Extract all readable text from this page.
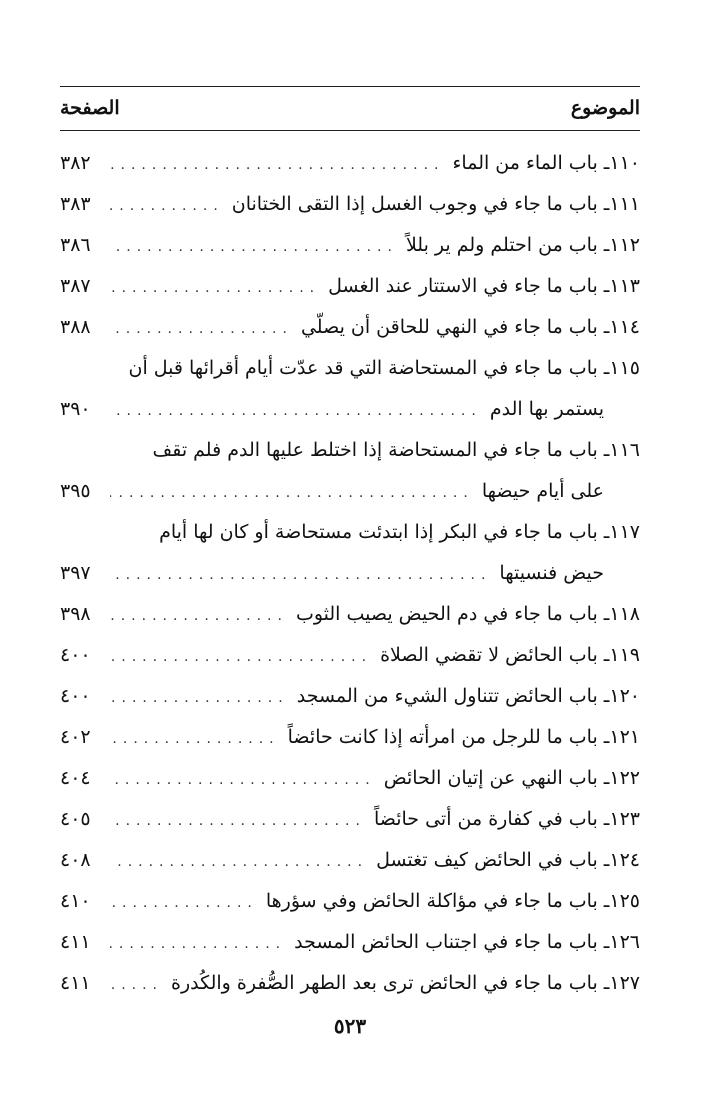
الموضوع
الصفحة
١١٠ـ باب الماء من الماء
.....
٣٨٢
١١١ـ باب ما جاء في وجوب الغسل إذا التقى الختانان
.....
٣٨٣
١١٢ـ باب من احتلم ولم ير بللاً
.....
٣٨٦
١١٣ـ باب ما جاء في الاستتار عند الغسل
.....
٣٨٧
١١٤ـ باب ما جاء في النهي للحاقن أن يصلّي
.....
٣٨٨
١١٥ـ باب ما جاء في المستحاضة التي قد عدّت أيام أقرائها قبل أن
يستمر بها الدم
.....
٣٩٠
١١٦ـ باب ما جاء في المستحاضة إذا اختلط عليها الدم فلم تقف
على أيام حيضها
.....
٣٩٥
١١٧ـ باب ما جاء في البكر إذا ابتدئت مستحاضة أو كان لها أيام
حيض فنسيتها
.....
٣٩٧
١١٨ـ باب ما جاء في دم الحيض يصيب الثوب
.....
٣٩٨
١١٩ـ باب الحائض لا تقضي الصلاة
.....
٤٠٠
١٢٠ـ باب الحائض تتناول الشيء من المسجد
.....
٤٠٠
١٢١ـ باب ما للرجل من امرأته إذا كانت حائضاً
.....
٤٠٢
١٢٢ـ باب النهي عن إتيان الحائض
.....
٤٠٤
١٢٣ـ باب في كفارة من أتى حائضاً
.....
٤٠٥
١٢٤ـ باب في الحائض كيف تغتسل
.....
٤٠٨
١٢٥ـ باب ما جاء في مؤاكلة الحائض وفي سؤرها
.....
٤١٠
١٢٦ـ باب ما جاء في اجتناب الحائض المسجد
.....
٤١١
١٢٧ـ باب ما جاء في الحائض ترى بعد الطهر الصُّفرة والكُدرة
.....
٤١١
٥٢٣
